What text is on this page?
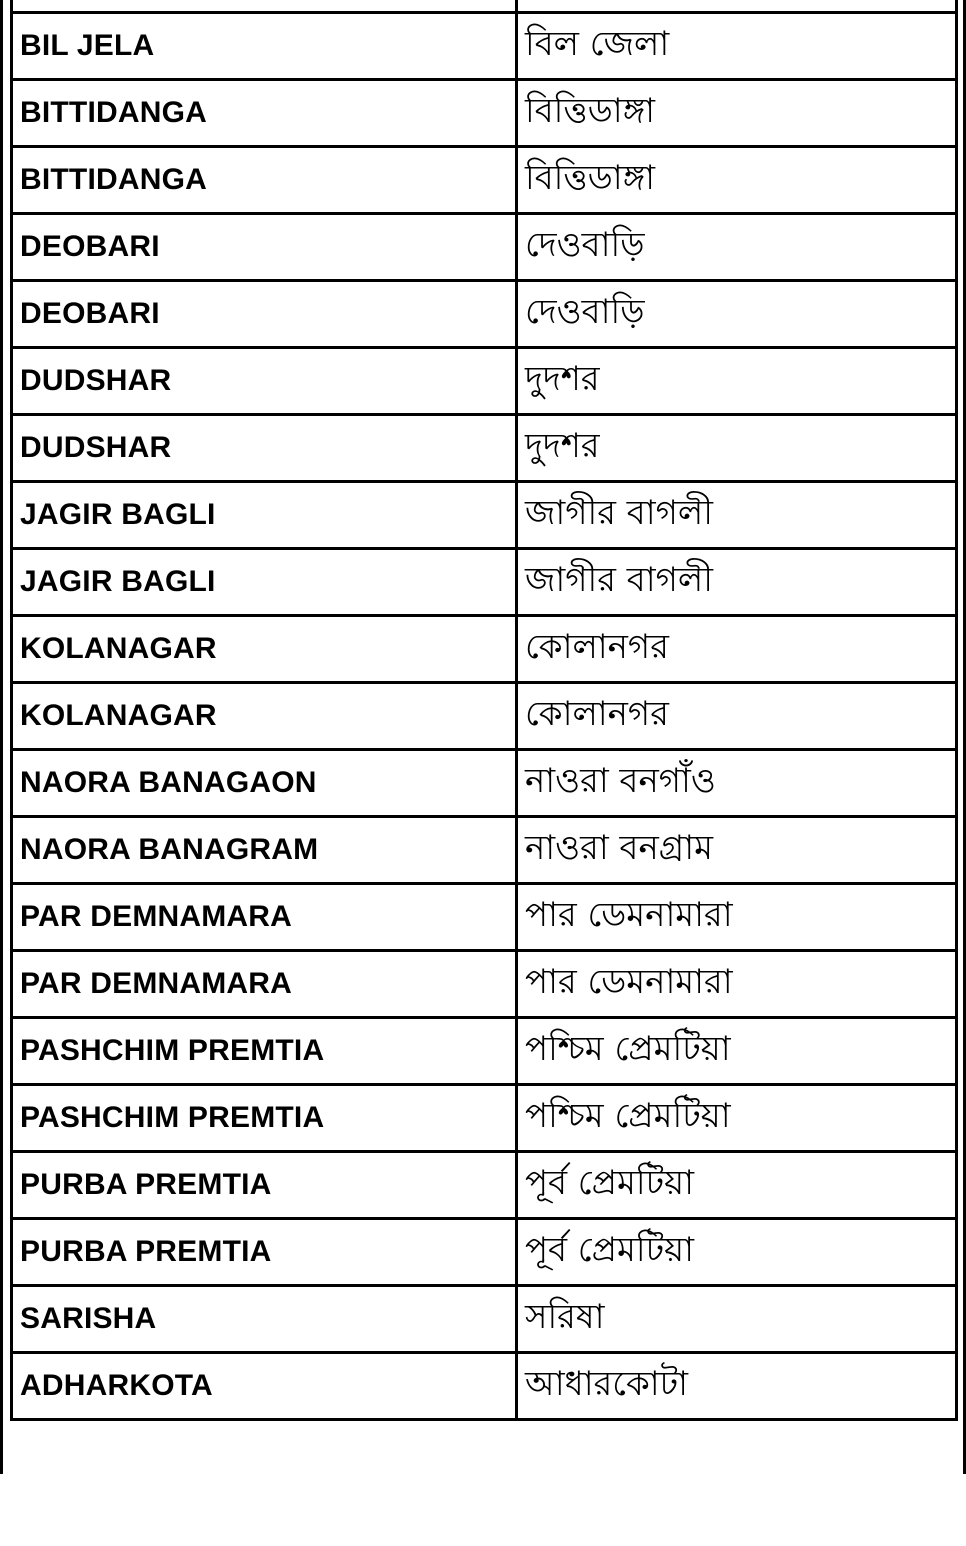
BIL JELA	বিল জেলা
BITTIDANGA	বিত্তিডাঙ্গা
BITTIDANGA	বিত্তিডাঙ্গা
DEOBARI	দেওবাড়ি
DEOBARI	দেওবাড়ি
DUDSHAR	দুদশর
DUDSHAR	দুদশর
JAGIR BAGLI	জাগীর বাগলী
JAGIR BAGLI	জাগীর বাগলী
KOLANAGAR	কোলানগর
KOLANAGAR	কোলানগর
NAORA BANAGAON	নাওরা বনগাঁও
NAORA BANAGRAM	নাওরা বনগ্রাম
PAR DEMNAMARA	পার ডেমনামারা
PAR DEMNAMARA	পার ডেমনামারা
PASHCHIM PREMTIA	পশ্চিম প্রেমটিয়া
PASHCHIM PREMTIA	পশ্চিম প্রেমটিয়া
PURBA PREMTIA	পূর্ব প্রেমটিয়া
PURBA PREMTIA	পূর্ব প্রেমটিয়া
SARISHA	সরিষা
ADHARKOTA	আধারকোটা
